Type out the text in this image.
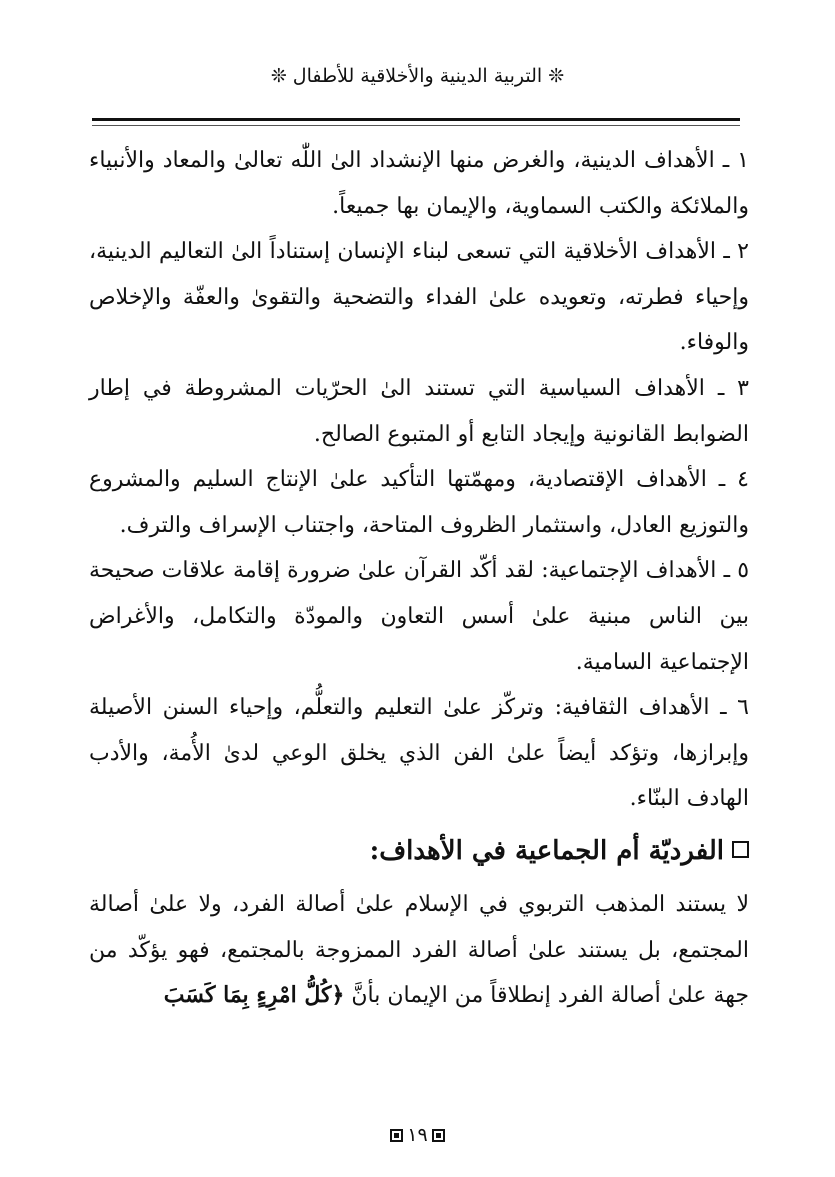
❊ التربية الدينية والأخلاقية للأطفال ❊

١ ـ الأهداف الدينية، والغرض منها الإنشداد الىٰ اللّٰه تعالىٰ والمعاد والأنبياء والملائكة والكتب السماوية، والإيمان بها جميعاً.

٢ ـ الأهداف الأخلاقية التي تسعى لبناء الإنسان إستناداً الىٰ التعاليم الدينية، وإحياء فطرته، وتعويده علىٰ الفداء والتضحية والتقوىٰ والعفّة والإخلاص والوفاء.

٣ ـ الأهداف السياسية التي تستند الىٰ الحرّيات المشروطة في إطار الضوابط القانونية وإيجاد التابع أو المتبوع الصالح.

٤ ـ الأهداف الإقتصادية، ومهمّتها التأكيد علىٰ الإنتاج السليم والمشروع والتوزيع العادل، واستثمار الظروف المتاحة، واجتناب الإسراف والترف.

٥ ـ الأهداف الإجتماعية: لقد أكّد القرآن علىٰ ضرورة إقامة علاقات صحيحة بين الناس مبنية علىٰ أسس التعاون والمودّة والتكامل، والأغراض الإجتماعية السامية.

٦ ـ الأهداف الثقافية: وتركّز علىٰ التعليم والتعلُّم، وإحياء السنن الأصيلة وإبرازها، وتؤكد أيضاً علىٰ الفن الذي يخلق الوعي لدىٰ الأُمة، والأدب الهادف البنّاء.

الفرديّة أم الجماعية في الأهداف:

لا يستند المذهب التربوي في الإسلام علىٰ أصالة الفرد، ولا علىٰ أصالة المجتمع، بل يستند علىٰ أصالة الفرد الممزوجة بالمجتمع، فهو يؤكّد من جهة علىٰ أصالة الفرد إنطلاقاً من الإيمان بأنَّ ﴿كُلُّ امْرِءٍ بِمَا كَسَبَ

١٩
